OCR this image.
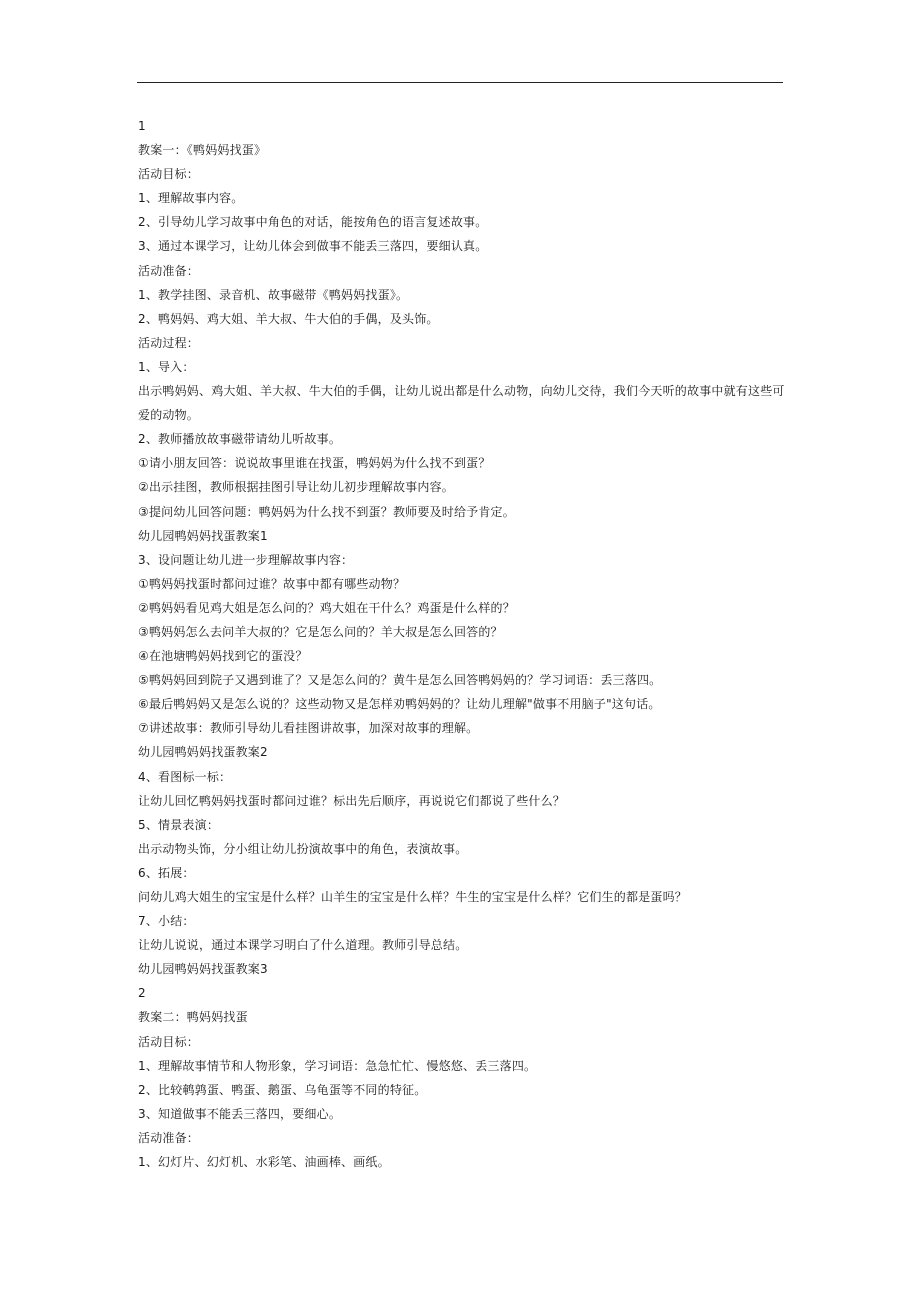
1
教案一：《鸭妈妈找蛋》
活动目标：
1、理解故事内容。
2、引导幼儿学习故事中角色的对话，能按角色的语言复述故事。
3、通过本课学习，让幼儿体会到做事不能丢三落四，要细认真。
活动准备：
1、教学挂图、录音机、故事磁带《鸭妈妈找蛋》。
2、鸭妈妈、鸡大姐、羊大叔、牛大伯的手偶，及头饰。
活动过程：
1、导入：
出示鸭妈妈、鸡大姐、羊大叔、牛大伯的手偶，让幼儿说出都是什么动物，向幼儿交待，我们今天听的故事中就有这些可爱的动物。
2、教师播放故事磁带请幼儿听故事。
①请小朋友回答：说说故事里谁在找蛋，鸭妈妈为什么找不到蛋？
②出示挂图，教师根据挂图引导让幼儿初步理解故事内容。
③提问幼儿回答问题：鸭妈妈为什么找不到蛋？教师要及时给予肯定。
幼儿园鸭妈妈找蛋教案1
3、设问题让幼儿进一步理解故事内容：
①鸭妈妈找蛋时都问过谁？故事中都有哪些动物？
②鸭妈妈看见鸡大姐是怎么问的？鸡大姐在干什么？鸡蛋是什么样的？
③鸭妈妈怎么去问羊大叔的？它是怎么问的？羊大叔是怎么回答的？
④在池塘鸭妈妈找到它的蛋没？
⑤鸭妈妈回到院子又遇到谁了？又是怎么问的？黄牛是怎么回答鸭妈妈的？学习词语：丢三落四。
⑥最后鸭妈妈又是怎么说的？这些动物又是怎样劝鸭妈妈的？让幼儿理解"做事不用脑子"这句话。
⑦讲述故事：教师引导幼儿看挂图讲故事，加深对故事的理解。
幼儿园鸭妈妈找蛋教案2
4、看图标一标：
让幼儿回忆鸭妈妈找蛋时都问过谁？标出先后顺序，再说说它们都说了些什么？
5、情景表演：
出示动物头饰，分小组让幼儿扮演故事中的角色，表演故事。
6、拓展：
问幼儿鸡大姐生的宝宝是什么样？山羊生的宝宝是什么样？牛生的宝宝是什么样？它们生的都是蛋吗？
7、小结：
让幼儿说说，通过本课学习明白了什么道理。教师引导总结。
幼儿园鸭妈妈找蛋教案3
2
教案二：鸭妈妈找蛋
活动目标：
1、理解故事情节和人物形象，学习词语：急急忙忙、慢悠悠、丢三落四。
2、比较鹌鹑蛋、鸭蛋、鹅蛋、乌龟蛋等不同的特征。
3、知道做事不能丢三落四，要细心。
活动准备：
1、幻灯片、幻灯机、水彩笔、油画棒、画纸。
